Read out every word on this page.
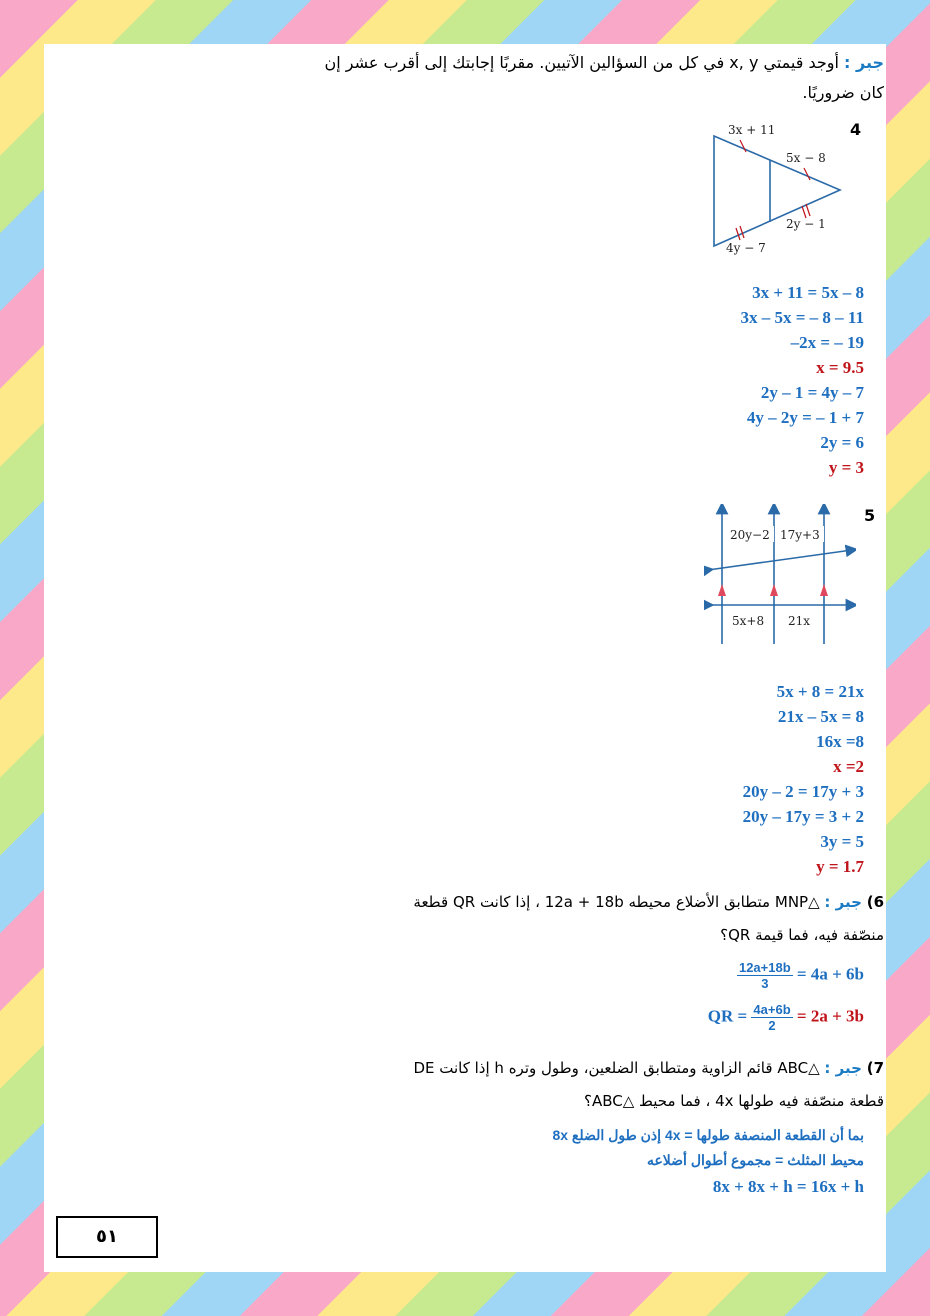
جبر : أوجد قيمتي x, y في كل من السؤالين الآتيين. مقربًا إجابتك إلى أقرب عشر إن
كان ضروريًا.
4
3x + 11
5x − 8
2y − 1
4y − 7
3x + 11 = 5x – 8
3x – 5x = – 8 – 11
–2x = – 19
x = 9.5
2y – 1 = 4y – 7
4y – 2y = – 1 + 7
2y = 6
y = 3
5
20y−2 17y+3
5x+8 21x
5x + 8 = 21x
21x – 5x = 8
16x =8
x =2
20y – 2 = 17y + 3
20y – 17y = 3 + 2
3y = 5
y = 1.7
6) جبر : △MNP متطابق الأضلاع محيطه 12a + 18b ، إذا كانت QR قطعة
منصّفة فيه، فما قيمة QR؟
$\frac{12a+18b}{3} = 4a + 6b$
QR = $\frac{4a+6b}{2} = 2a + 3b$
7) جبر : △ABC قائم الزاوية ومتطابق الضلعين، وطول وتره h إذا كانت DE
قطعة منصّفة فيه طولها 4x ، فما محيط △ABC؟
بما أن القطعة المنصفة طولها = 4x إذن طول الضلع 8x
محيط المثلث = مجموع أطوال أضلاعه
8x + 8x + h = 16x + h
٥١
